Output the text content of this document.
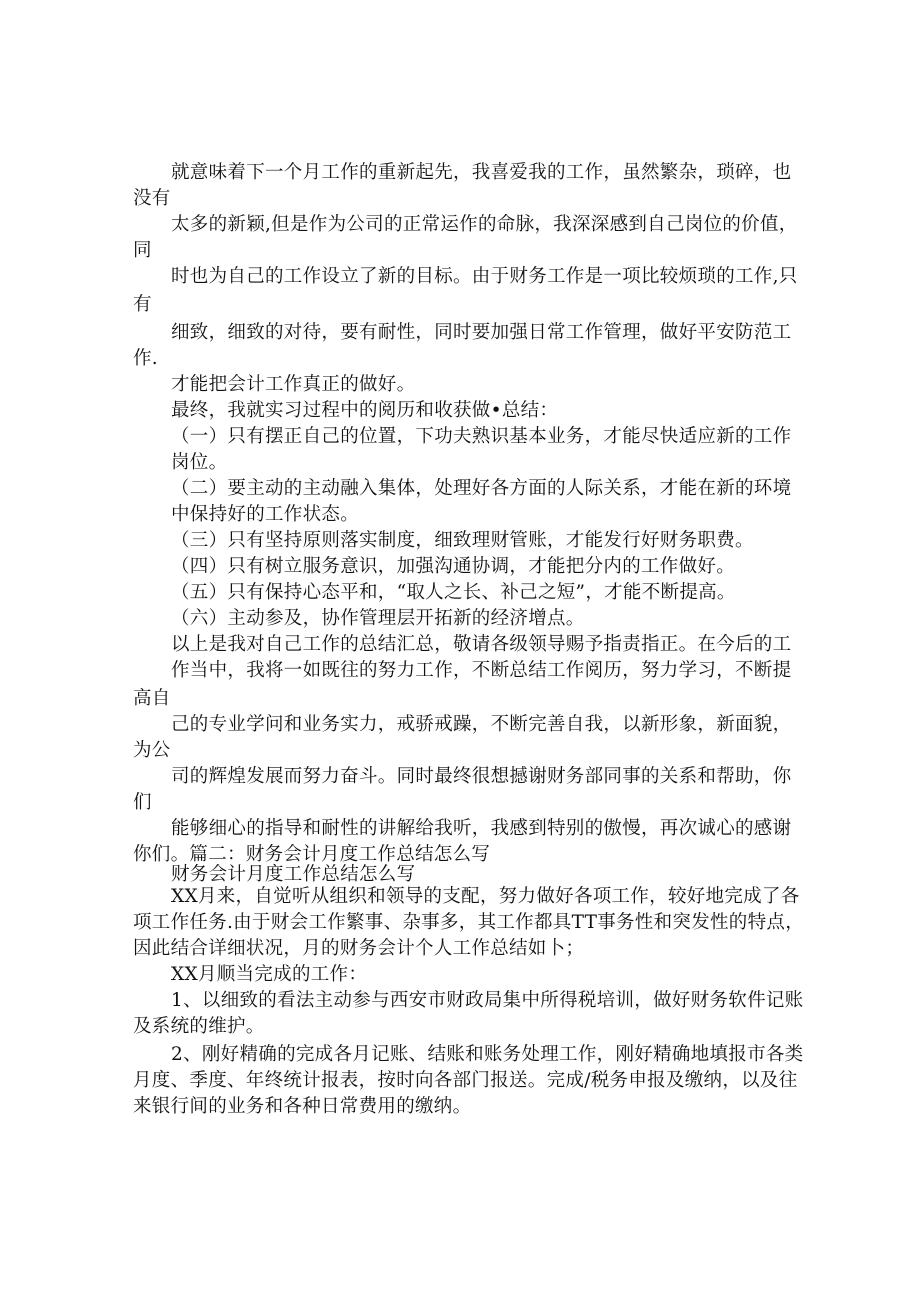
就意味着下一个月工作的重新起先，我喜爱我的工作，虽然繁杂，琐碎，也
没有
太多的新颖,但是作为公司的正常运作的命脉，我深深感到自己岗位的价值，
同
时也为自己的工作设立了新的目标。由于财务工作是一项比较烦琐的工作,只
有
细致，细致的对待，要有耐性，同时要加强日常工作管理，做好平安防范工
作.
才能把会计工作真正的做好。
最终，我就实习过程中的阅历和收获做•总结：
（一）只有摆正自己的位置，下功夫熟识基本业务，才能尽快适应新的工作
岗位。
（二）要主动的主动融入集体，处理好各方面的人际关系，才能在新的环境
中保持好的工作状态。
（三）只有坚持原则落实制度，细致理财管账，才能发行好财务职费。
（四）只有树立服务意识，加强沟通协调，才能把分内的工作做好。
（五）只有保持心态平和，“取人之长、补己之短”，才能不断提高。
（六）主动参及，协作管理层开拓新的经济增点。
以上是我对自己工作的总结汇总，敬请各级领导赐予指责指正。在今后的工
作当中，我将一如既往的努力工作，不断总结工作阅历，努力学习，不断提
高自
己的专业学问和业务实力，戒骄戒躁，不断完善自我，以新形象，新面貌，
为公
司的辉煌发展而努力奋斗。同时最终很想撼谢财务部同事的关系和帮助，你
们
能够细心的指导和耐性的讲解给我听，我感到特别的傲慢，再次诚心的感谢
你们。篇二：财务会计月度工作总结怎么写
财务会计月度工作总结怎么写
XX月来，自觉听从组织和领导的支配，努力做好各项工作，较好地完成了各
项工作任务.由于财会工作繁事、杂事多，其工作都具TT事务性和突发性的特点，
因此结合详细状况，月的财务会计个人工作总结如卜；
XX月顺当完成的工作：
1、以细致的看法主动参与西安市财政局集中所得税培训，做好财务软件记账
及系统的维护。
2、刚好精确的完成各月记账、结账和账务处理工作，刚好精确地填报市各类
月度、季度、年终统计报表，按时向各部门报送。完成/税务申报及缴纳，以及往
来银行间的业务和各种日常费用的缴纳。
